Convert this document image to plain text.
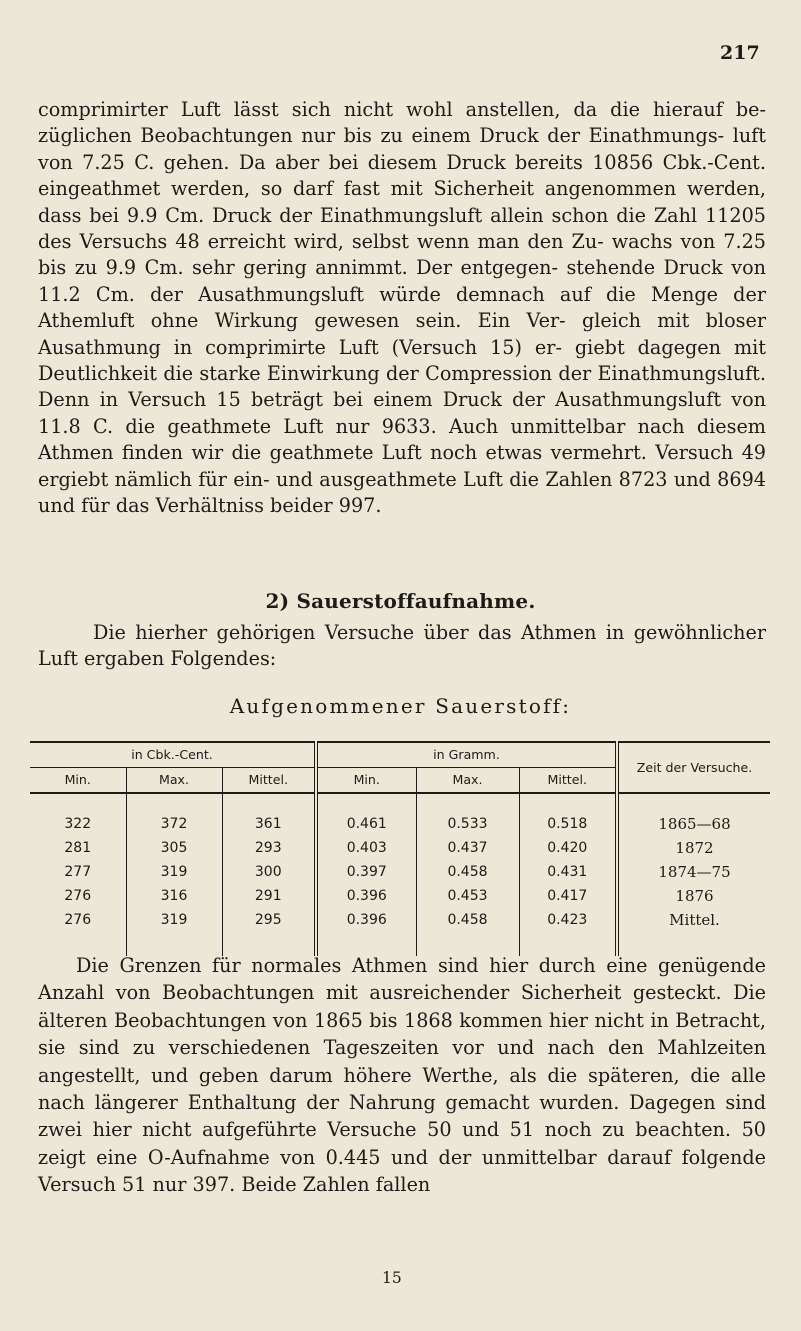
217

comprimirter Luft lässt sich nicht wohl anstellen, da die hierauf be- züglichen Beobachtungen nur bis zu einem Druck der Einathmungs- luft von 7.25 C. gehen. Da aber bei diesem Druck bereits 10856 Cbk.-Cent. eingeathmet werden, so darf fast mit Sicherheit angenommen werden, dass bei 9.9 Cm. Druck der Einathmungsluft allein schon die Zahl 11205 des Versuchs 48 erreicht wird, selbst wenn man den Zu- wachs von 7.25 bis zu 9.9 Cm. sehr gering annimmt. Der entgegen- stehende Druck von 11.2 Cm. der Ausathmungsluft würde demnach auf die Menge der Athemluft ohne Wirkung gewesen sein. Ein Ver- gleich mit bloser Ausathmung in comprimirte Luft (Versuch 15) er- giebt dagegen mit Deutlichkeit die starke Einwirkung der Compression der Einathmungsluft. Denn in Versuch 15 beträgt bei einem Druck der Ausathmungsluft von 11.8 C. die geathmete Luft nur 9633. Auch unmittelbar nach diesem Athmen finden wir die geathmete Luft noch etwas vermehrt. Versuch 49 ergiebt nämlich für ein- und ausgeathmete Luft die Zahlen 8723 und 8694 und für das Verhältniss beider 997.

2) Sauerstoffaufnahme.

Die hierher gehörigen Versuche über das Athmen in gewöhnlicher Luft ergaben Folgendes:

Aufgenommener Sauerstoff:
in Cbk.-Cent.			in Gramm.			Zeit der Versuche.
Min.	Max.	Mittel.	Min.	Max.	Mittel.	
322	372	361	0.461	0.533	0.518	1865—68
281	305	293	0.403	0.437	0.420	1872
277	319	300	0.397	0.458	0.431	1874—75
276	316	291	0.396	0.453	0.417	1876
276	319	295	0.396	0.458	0.423	Mittel.

Die Grenzen für normales Athmen sind hier durch eine genügende Anzahl von Beobachtungen mit ausreichender Sicherheit gesteckt. Die älteren Beobachtungen von 1865 bis 1868 kommen hier nicht in Betracht, sie sind zu verschiedenen Tageszeiten vor und nach den Mahlzeiten angestellt, und geben darum höhere Werthe, als die späteren, die alle nach längerer Enthaltung der Nahrung gemacht wurden. Dagegen sind zwei hier nicht aufgeführte Versuche 50 und 51 noch zu beachten. 50 zeigt eine O-Aufnahme von 0.445 und der unmittelbar darauf folgende Versuch 51 nur 397. Beide Zahlen fallen

15
